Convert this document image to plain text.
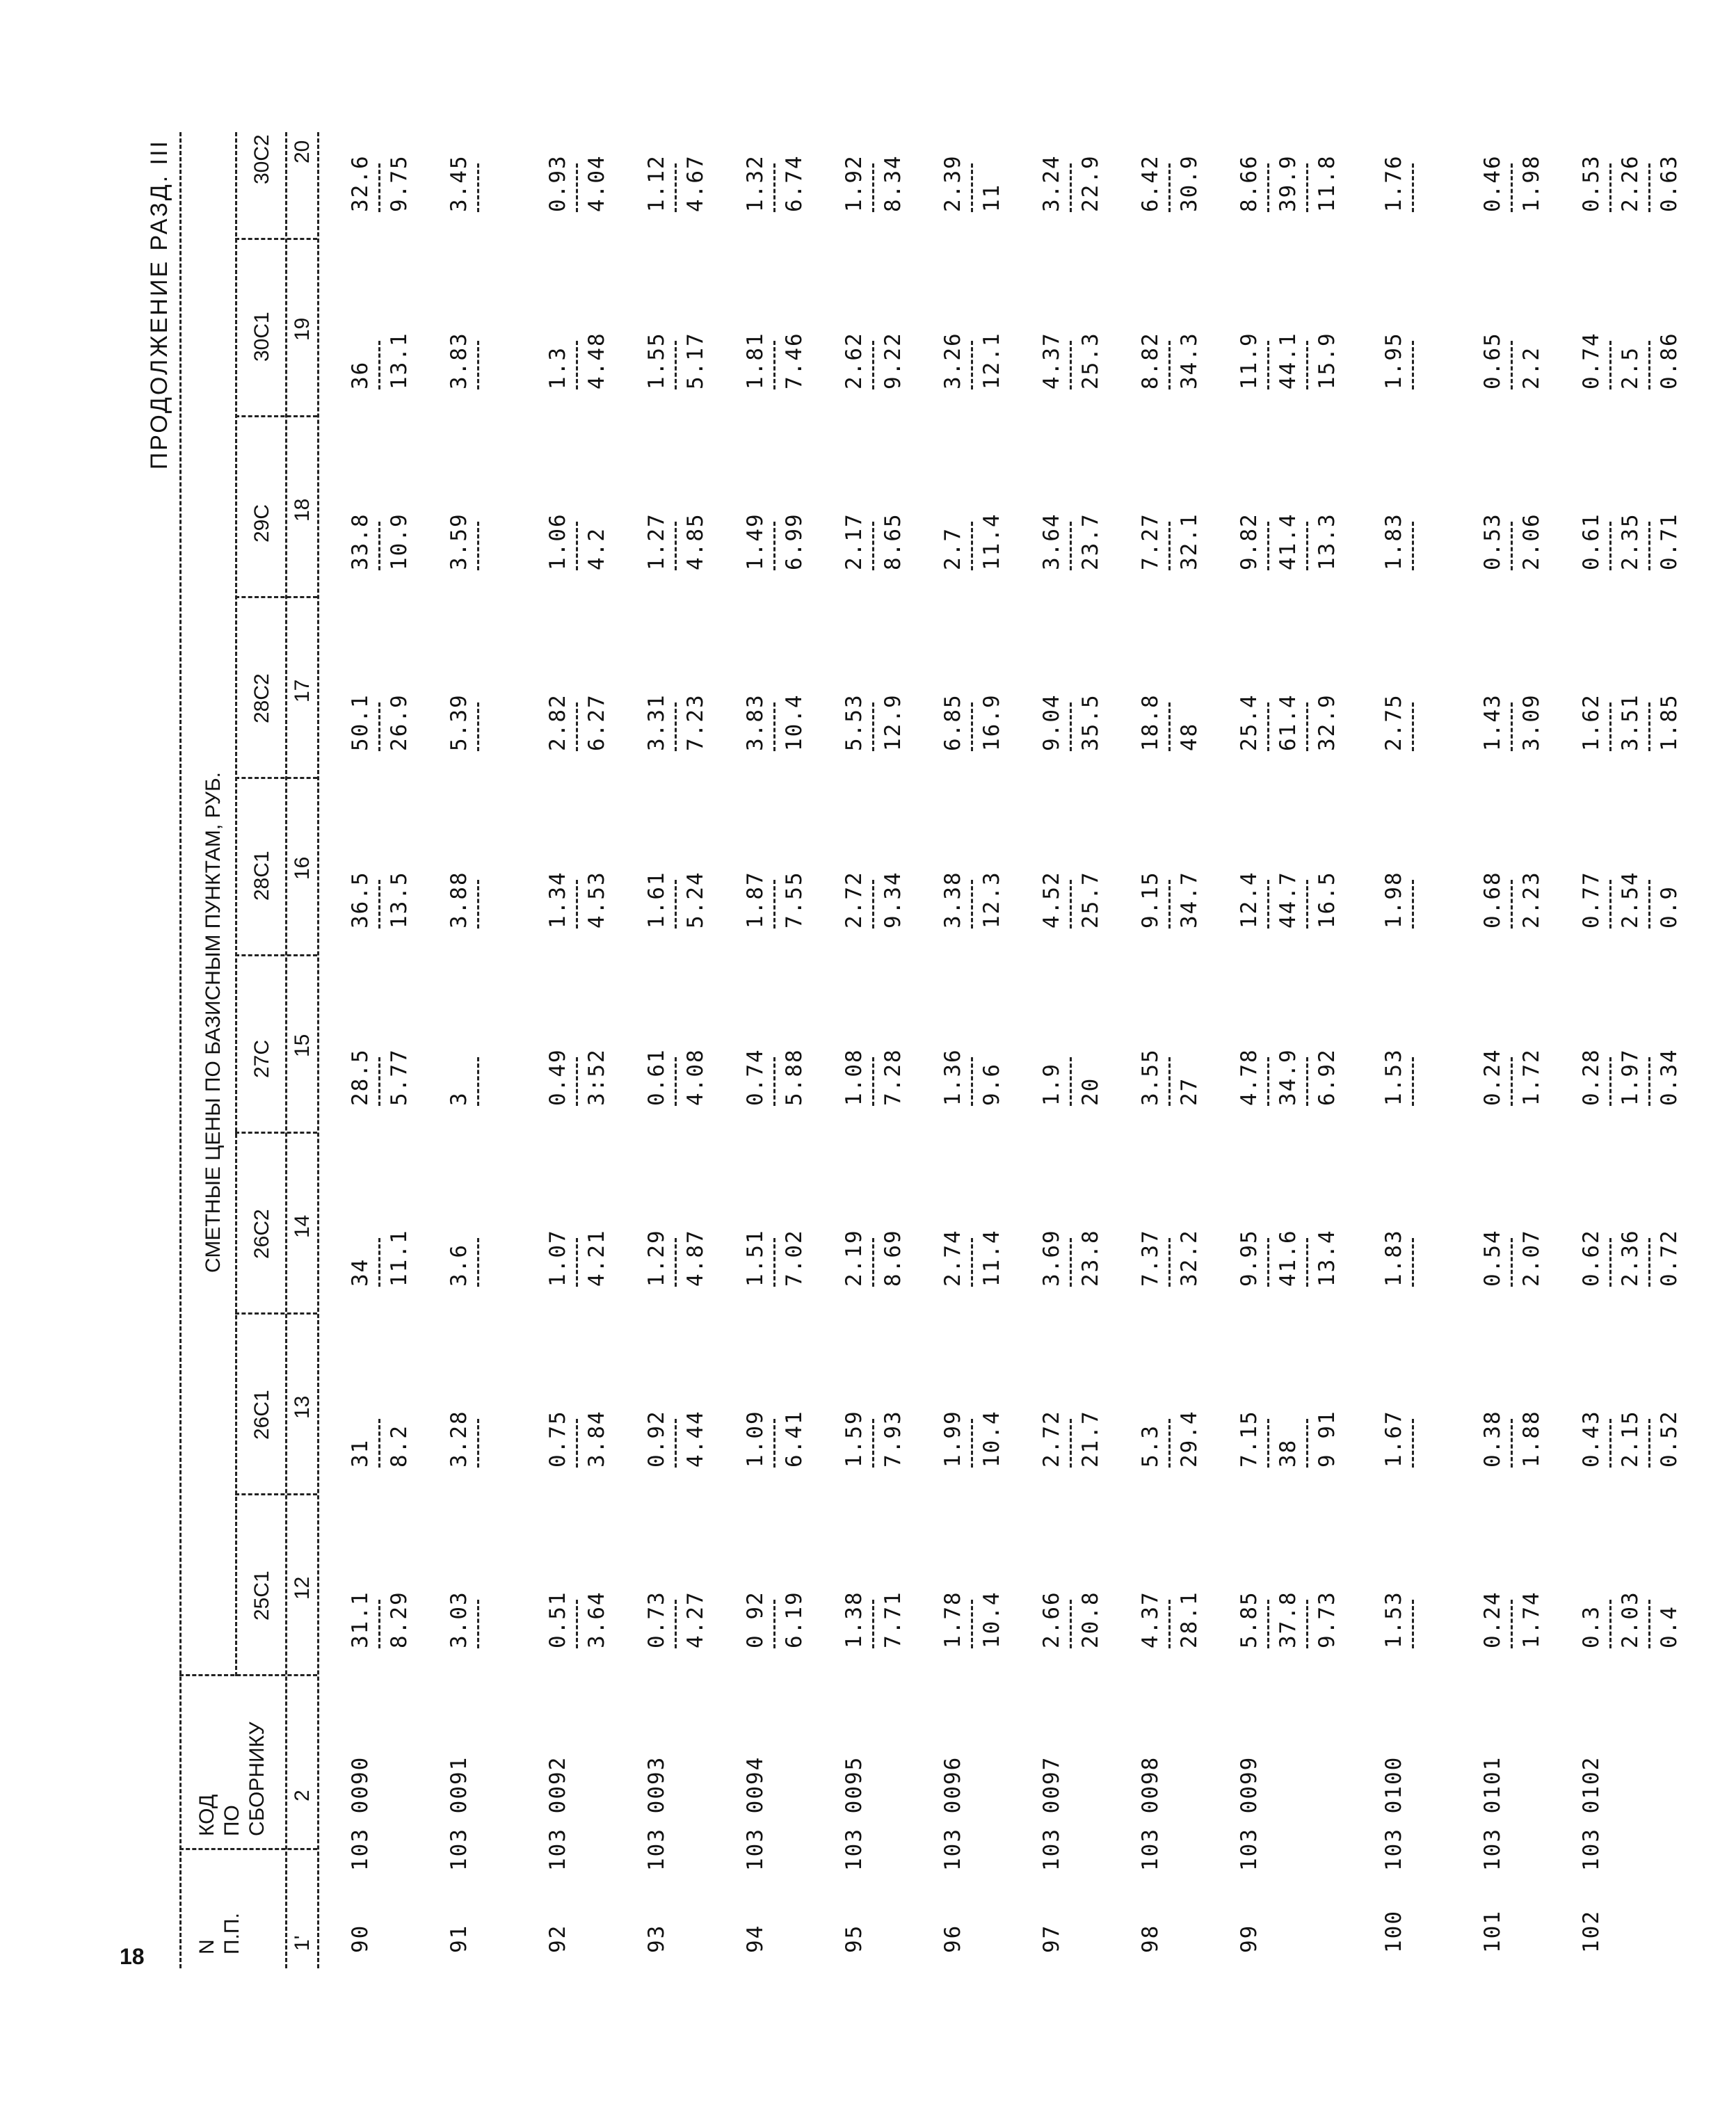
18
ПРОДОЛЖЕНИЕ РАЗД. III
N
П.П.
КОД
ПО
СБОРНИКУ
СМЕТНЫЕ ЦЕНЫ ПО БАЗИСНЫМ ПУНКТАМ, РУБ.
25С1
26С1
26С2
27С
28С1
28С2
29С
30С1
30С2
1'
2
12
13
14
15
16
17
18
19
20
90
103 0090
31.1 8.29
31 8.2
34 11.1
28.5 5.77
36.5 13.5
50.1 26.9
33.8 10.9
36 13.1
32.6 9.75
91
103 0091
3.03
3.28
3.6
3
3.88
5.39
3.59
3.83
3.45
92
103 0092
0.51 3.64
0.75 3.84
1.07 4.21
0.49 3:52
1.34 4.53
2.82 6.27
1.06 4.2
1.3 4.48
0.93 4.04
93
103 0093
0.73 4.27
0.92 4.44
1.29 4.87
0.61 4.08
1.61 5.24
3.31 7.23
1.27 4.85
1.55 5.17
1.12 4.67
94
103 0094
0 92 6.19
1.09 6.41
1.51 7.02
0.74 5.88
1.87 7.55
3.83 10.4
1.49 6.99
1.81 7.46
1.32 6.74
95
103 0095
1.38 7.71
1.59 7.93
2.19 8.69
1.08 7.28
2.72 9.34
5.53 12.9
2.17 8.65
2.62 9.22
1.92 8.34
96
103 0096
1.78 10.4
1.99 10.4
2.74 11.4
1.36 9.6
3.38 12.3
6.85 16.9
2.7 11.4
3.26 12.1
2.39 11
97
103 0097
2.66 20.8
2.72 21.7
3.69 23.8
1.9 20
4.52 25.7
9.04 35.5
3.64 23.7
4.37 25.3
3.24 22.9
98
103 0098
4.37 28.1
5.3 29.4
7.37 32.2
3.55 27
9.15 34.7
18.8 48
7.27 32.1
8.82 34.3
6.42 30.9
99
103 0099
5.85 37.8 9.73
7.15 38 9 91
9.95 41.6 13.4
4.78 34.9 6.92
12.4 44.7 16.5
25.4 61.4 32.9
9.82 41.4 13.3
11.9 44.1 15.9
8.66 39.9 11.8
100
103 0100
1.53
1.67
1.83
1.53
1.98
2.75
1.83
1.95
1.76
101
103 0101
0.24 1.74
0.38 1.88
0.54 2.07
0.24 1.72
0.68 2.23
1.43 3.09
0.53 2.06
0.65 2.2
0.46 1.98
102
103 0102
0.3 2.03 0.4
0.43 2.15 0.52
0.62 2.36 0.72
0.28 1.97 0.34
0.77 2.54 0.9
1.62 3.51 1.85
0.61 2.35 0.71
0.74 2.5 0.86
0.53 2.26 0.63
